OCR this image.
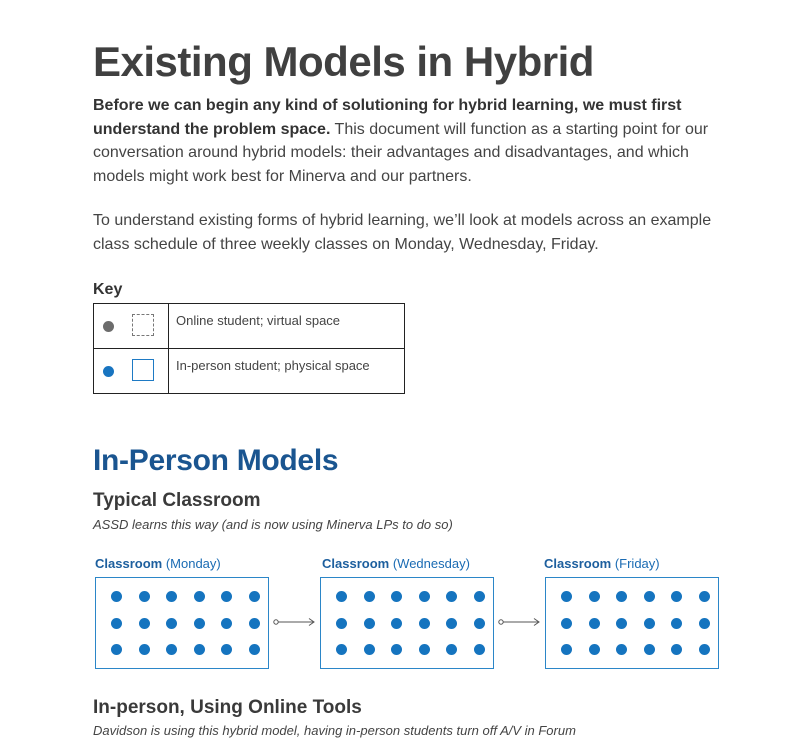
Existing Models in Hybrid

Before we can begin any kind of solutioning for hybrid learning, we must first understand the problem space. This document will function as a starting point for our conversation around hybrid models: their advantages and disadvantages, and which models might work best for Minerva and our partners.

To understand existing forms of hybrid learning, we’ll look at models across an example class schedule of three weekly classes on Monday, Wednesday, Friday.

Key
	Online student; virtual space

	In-person student; physical space
In-Person Models
Typical Classroom

ASSD learns this way (and is now using Minerva LPs to do so)

Classroom (Monday)	Classroom (Wednesday)	Classroom (Friday)
In-person, Using Online Tools

Davidson is using this hybrid model, having in-person students turn off A/V in Forum
